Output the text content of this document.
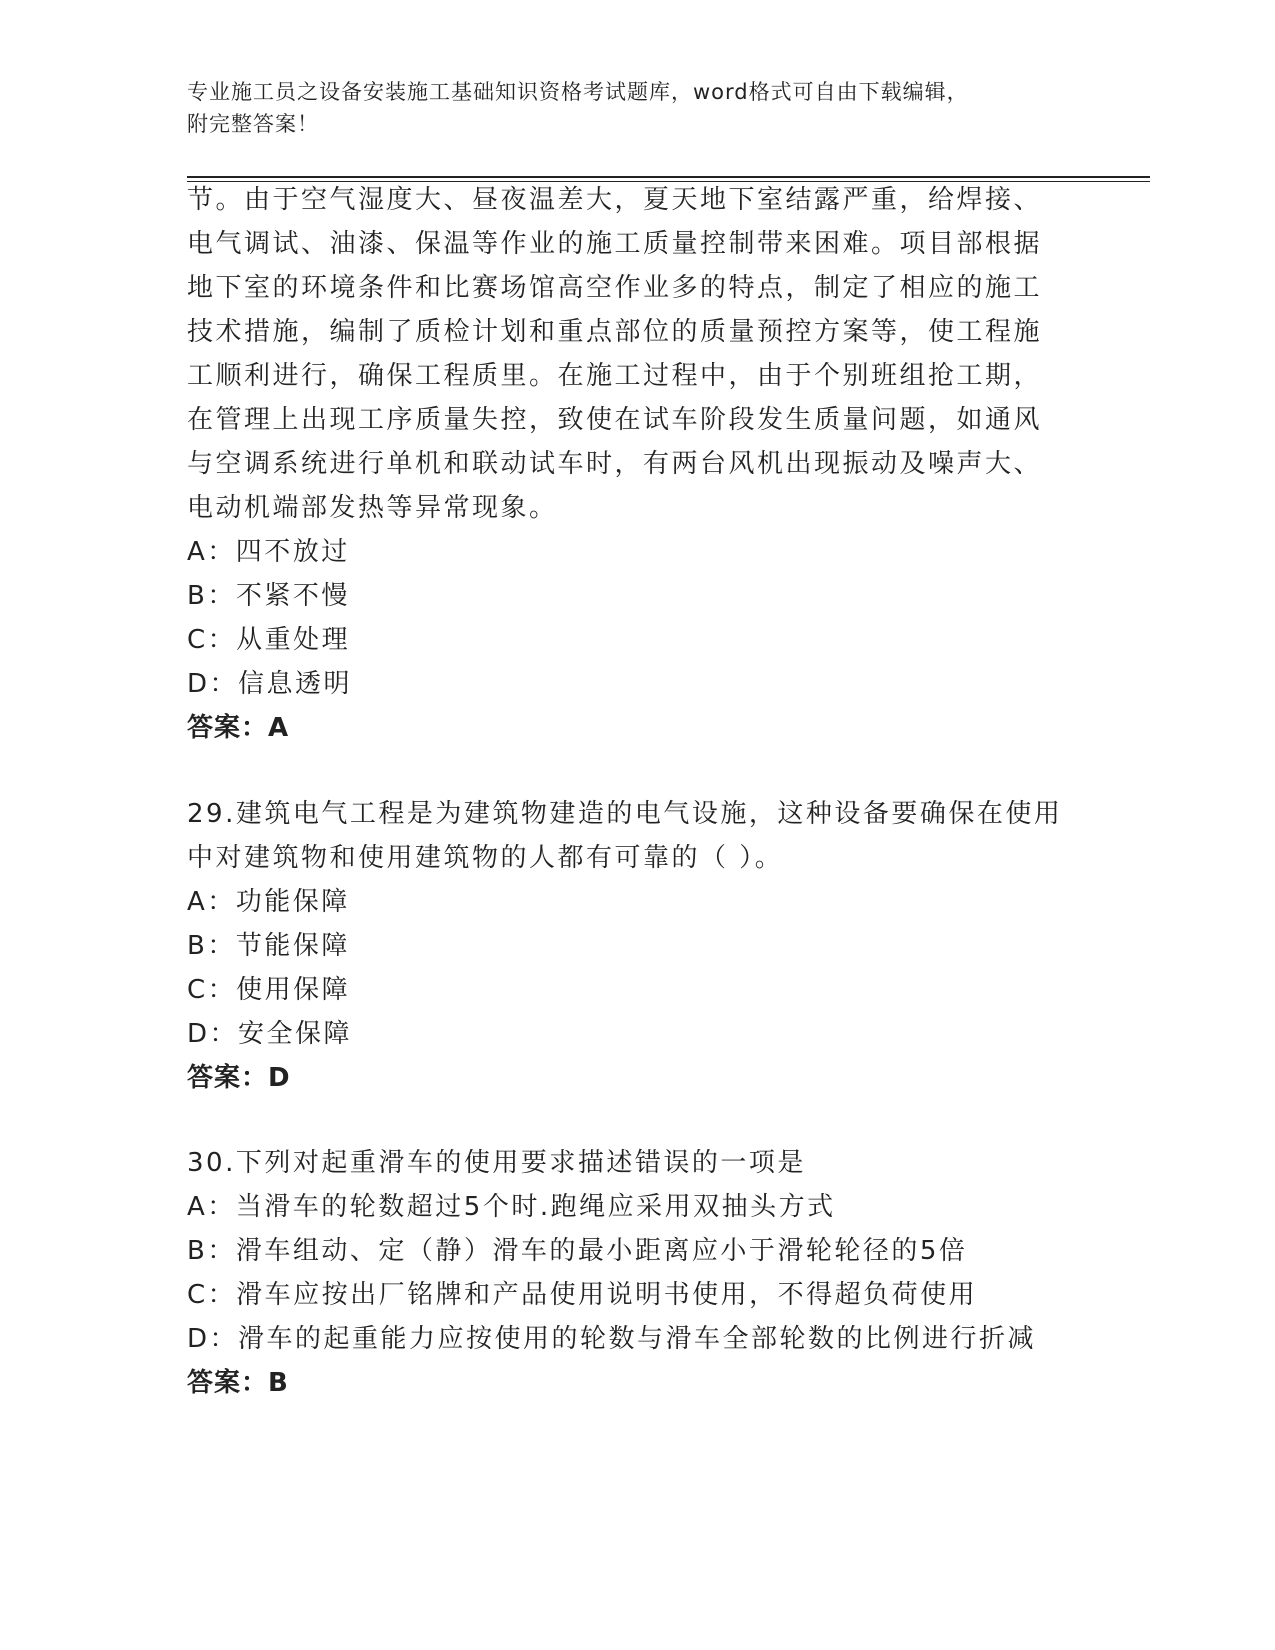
专业施工员之设备安装施工基础知识资格考试题库，word格式可自由下载编辑，
附完整答案！
节。由于空气湿度大、昼夜温差大，夏天地下室结露严重，给焊接、
电气调试、油漆、保温等作业的施工质量控制带来困难。项目部根据
地下室的环境条件和比赛场馆高空作业多的特点，制定了相应的施工
技术措施，编制了质检计划和重点部位的质量预控方案等，使工程施
工顺利进行，确保工程质里。在施工过程中，由于个别班组抢工期，
在管理上出现工序质量失控，致使在试车阶段发生质量问题，如通风
与空调系统进行单机和联动试车时，有两台风机出现振动及噪声大、
电动机端部发热等异常现象。
A：四不放过
B：不紧不慢
C：从重处理
D：信息透明
答案：A
29.建筑电气工程是为建筑物建造的电气设施，这种设备要确保在使用
中对建筑物和使用建筑物的人都有可靠的（ ）。
A：功能保障
B：节能保障
C：使用保障
D：安全保障
答案：D
30.下列对起重滑车的使用要求描述错误的一项是
A：当滑车的轮数超过5个时.跑绳应采用双抽头方式
B：滑车组动、定（静）滑车的最小距离应小于滑轮轮径的5倍
C：滑车应按出厂铭牌和产品使用说明书使用，不得超负荷使用
D：滑车的起重能力应按使用的轮数与滑车全部轮数的比例进行折减
答案：B
